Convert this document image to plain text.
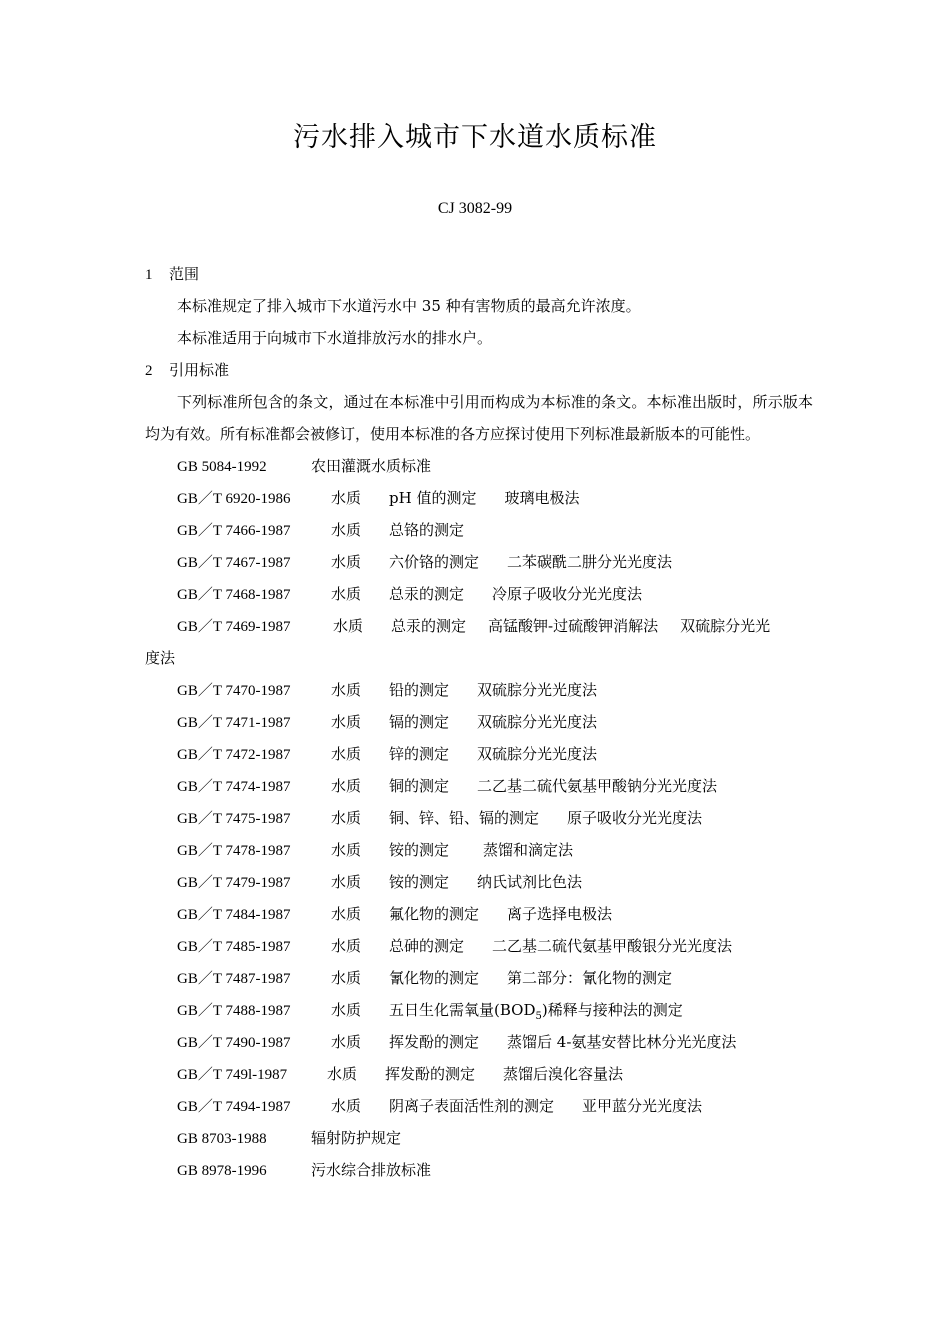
污水排入城市下水道水质标准
CJ 3082-99
1 范围
本标准规定了排入城市下水道污水中 35 种有害物质的最高允许浓度。
本标准适用于向城市下水道排放污水的排水户。
2 引用标准
下列标准所包含的条文，通过在本标准中引用而构成为本标准的条文。本标准出版时，所示版本均为有效。所有标准都会被修订，使用本标准的各方应探讨使用下列标准最新版本的可能性。
GB 5084-1992	农田灌溉水质标准
GB／T 6920-1986	水质 pH 值的测定 玻璃电极法
GB／T 7466-1987	水质 总铬的测定
GB／T 7467-1987	水质 六价铬的测定 二苯碳酰二肼分光光度法
GB／T 7468-1987	水质 总汞的测定 冷原子吸收分光光度法
GB／T 7469-1987	水质 总汞的测定 高锰酸钾-过硫酸钾消解法 双硫腙分光光
度法
GB／T 7470-1987	水质 铅的测定 双硫腙分光光度法
GB／T 7471-1987	水质 镉的测定 双硫腙分光光度法
GB／T 7472-1987	水质 锌的测定 双硫腙分光光度法
GB／T 7474-1987	水质 铜的测定 二乙基二硫代氨基甲酸钠分光光度法
GB／T 7475-1987	水质 铜、锌、铅、镉的测定 原子吸收分光光度法
GB／T 7478-1987	水质 铵的测定 蒸馏和滴定法
GB／T 7479-1987	水质 铵的测定 纳氏试剂比色法
GB／T 7484-1987	水质 氟化物的测定 离子选择电极法
GB／T 7485-1987	水质 总砷的测定 二乙基二硫代氨基甲酸银分光光度法
GB／T 7487-1987	水质 氰化物的测定 第二部分：氰化物的测定
GB／T 7488-1987	水质 五日生化需氧量$(BOD_5)$稀释与接种法的测定
GB／T 7490-1987	水质 挥发酚的测定 蒸馏后 4-氨基安替比林分光光度法
GB／T 749l-1987	水质 挥发酚的测定 蒸馏后溴化容量法
GB／T 7494-1987	水质 阴离子表面活性剂的测定 亚甲蓝分光光度法
GB 8703-1988	辐射防护规定
GB 8978-1996	污水综合排放标准
